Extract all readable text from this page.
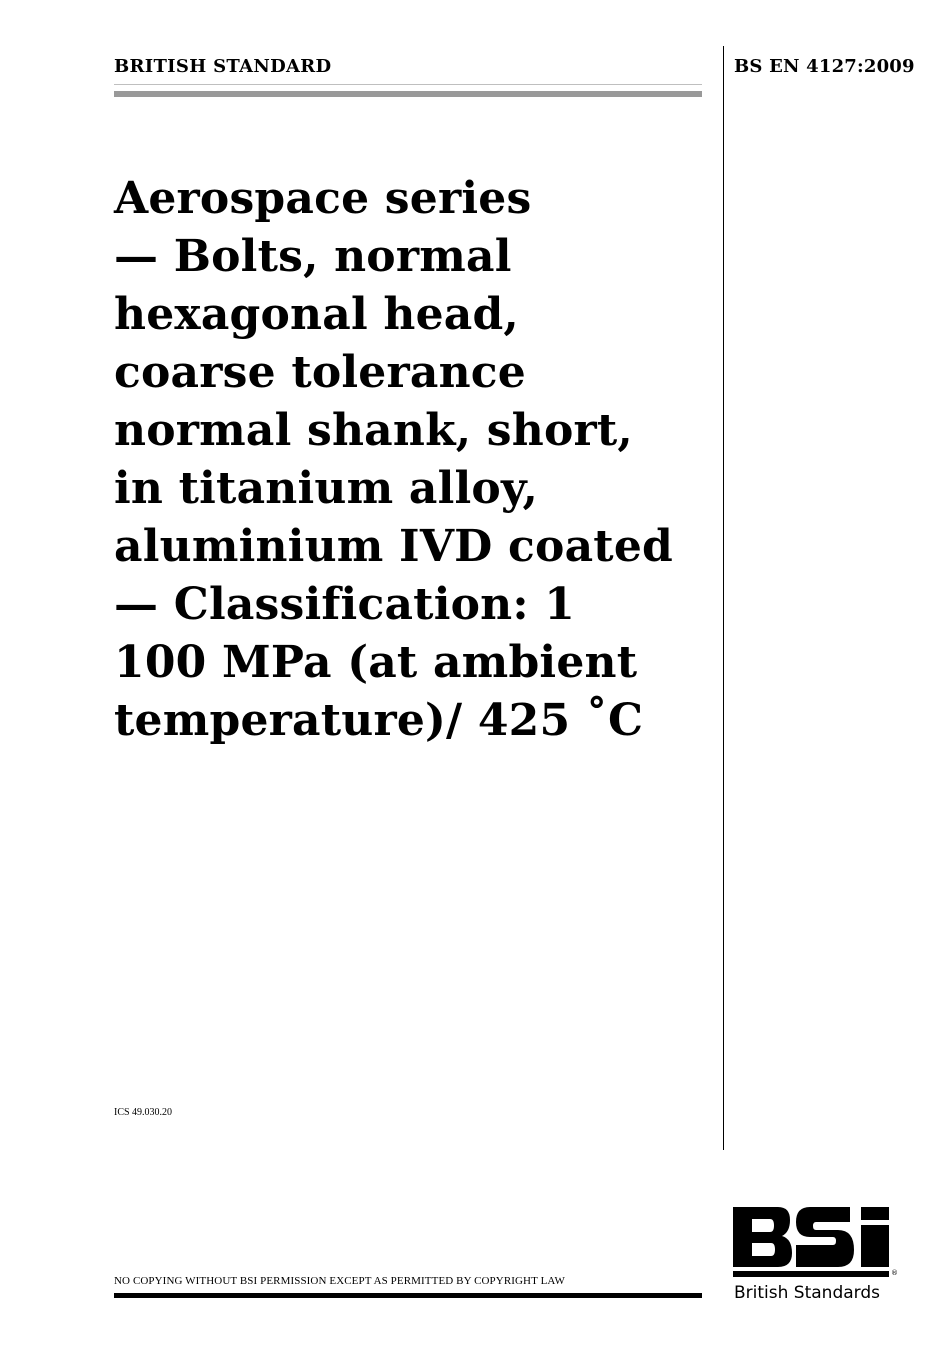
BRITISH STANDARD	BS EN 4127:2009
Aerospace series
— Bolts, normal
hexagonal head,
coarse tolerance
normal shank, short,
in titanium alloy,
aluminium IVD coated
— Classification: 1
100 MPa (at ambient
temperature)/ 425 ˚C
ICS 49.030.20
NO COPYING WITHOUT BSI PERMISSION EXCEPT AS PERMITTED BY COPYRIGHT LAW
®
British Standards
